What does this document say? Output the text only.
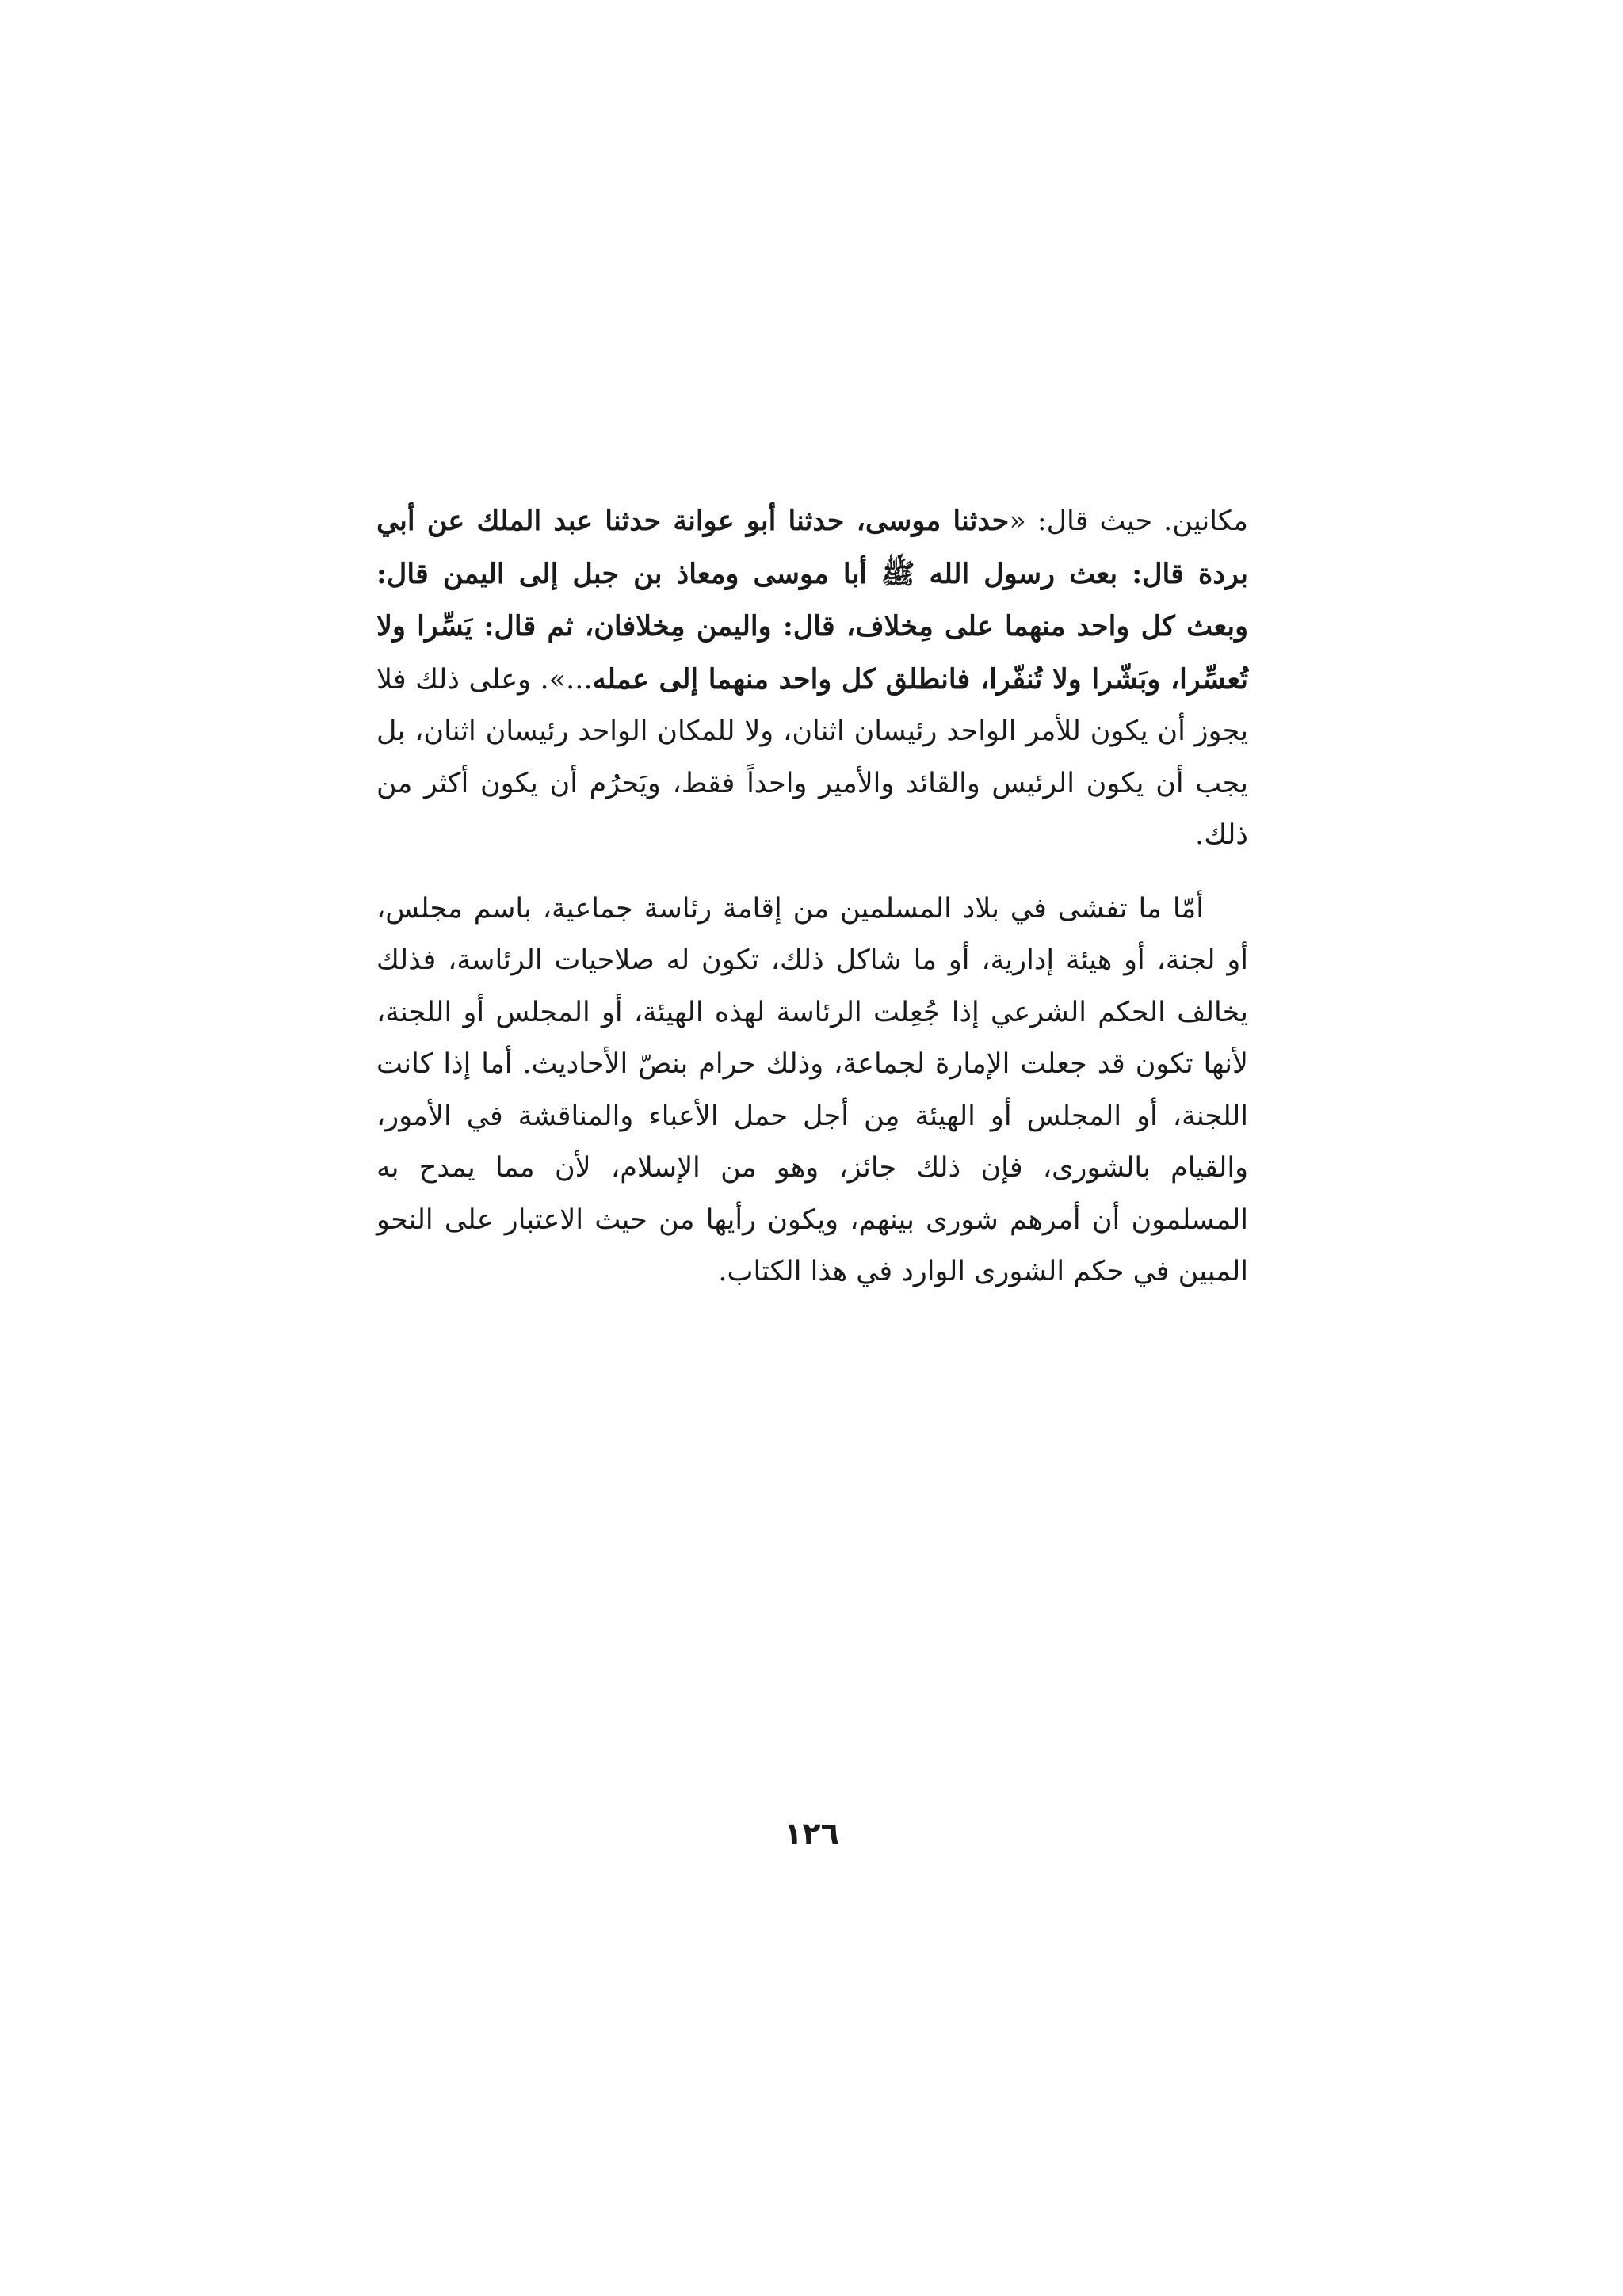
مكانين. حيث قال: «حدثنا موسى، حدثنا أبو عوانة حدثنا عبد الملك عن أبي بردة قال: بعث رسول الله ﷺ أبا موسى ومعاذ بن جبل إلى اليمن قال: وبعث كل واحد منهما على مِخلاف، قال: واليمن مِخلافان، ثم قال: يَسِّرا ولا تُعسِّرا، وبَشّرا ولا تُنفّرا، فانطلق كل واحد منهما إلى عمله...». وعلى ذلك فلا يجوز أن يكون للأمر الواحد رئيسان اثنان، ولا للمكان الواحد رئيسان اثنان، بل يجب أن يكون الرئيس والقائد والأمير واحداً فقط، ويَحرُم أن يكون أكثر من ذلك.

أمّا ما تفشى في بلاد المسلمين من إقامة رئاسة جماعية، باسم مجلس، أو لجنة، أو هيئة إدارية، أو ما شاكل ذلك، تكون له صلاحيات الرئاسة، فذلك يخالف الحكم الشرعي إذا جُعِلت الرئاسة لهذه الهيئة، أو المجلس أو اللجنة، لأنها تكون قد جعلت الإمارة لجماعة، وذلك حرام بنصّ الأحاديث. أما إذا كانت اللجنة، أو المجلس أو الهيئة مِن أجل حمل الأعباء والمناقشة في الأمور، والقيام بالشورى، فإن ذلك جائز، وهو من الإسلام، لأن مما يمدح به المسلمون أن أمرهم شورى بينهم، ويكون رأيها من حيث الاعتبار على النحو المبين في حكم الشورى الوارد في هذا الكتاب.

١٢٦
